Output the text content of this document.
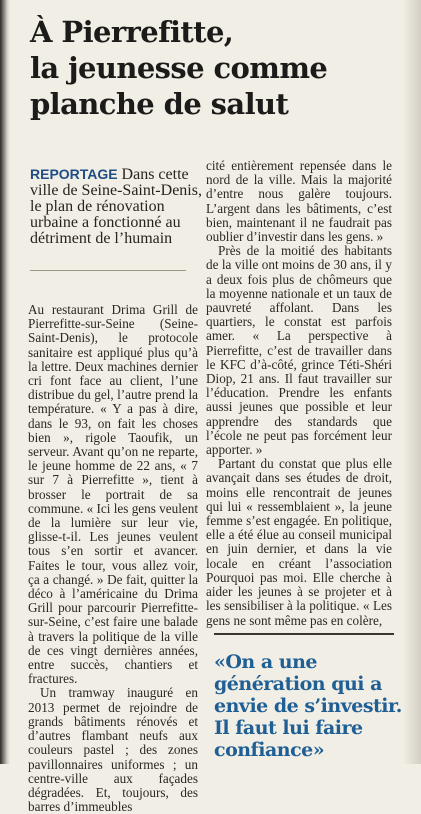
À Pierrefitte,
la jeunesse comme
planche de salut

REPORTAGE Dans cette ville de Seine-Saint-Denis, le plan de rénovation urbaine a fonctionné au détriment de l’humain

Au restaurant Drima Grill de Pierrefitte-sur-Seine (Seine-Saint-Denis), le protocole sanitaire est appliqué plus qu’à la lettre. Deux machines dernier cri font face au client, l’une distribue du gel, l’autre prend la température. « Y a pas à dire, dans le 93, on fait les choses bien », rigole Taoufik, un serveur. Avant qu’on ne reparte, le jeune homme de 22 ans, « 7 sur 7 à Pierrefitte », tient à brosser le portrait de sa commune. « Ici les gens veulent de la lumière sur leur vie, glisse-t-il. Les jeunes veulent tous s’en sortir et avancer. Faites le tour, vous allez voir, ça a changé. » De fait, quitter la déco à l’américaine du Drima Grill pour parcourir Pierrefitte-sur-Seine, c’est faire une balade à travers la politique de la ville de ces vingt dernières années, entre succès, chantiers et fractures.

Un tramway inauguré en 2013 permet de rejoindre de grands bâtiments rénovés et d’autres flambant neufs aux couleurs pastel ; des zones pavillonnaires uniformes ; un centre-ville aux façades dégradées. Et, toujours, des barres d’immeubles

cité entièrement repensée dans le nord de la ville. Mais la majorité d’entre nous galère toujours. L’argent dans les bâtiments, c’est bien, maintenant il ne faudrait pas oublier d’investir dans les gens. »

Près de la moitié des habitants de la ville ont moins de 30 ans, il y a deux fois plus de chômeurs que la moyenne nationale et un taux de pauvreté affolant. Dans les quartiers, le constat est parfois amer. « La perspective à Pierrefitte, c’est de travailler dans le KFC d’à-côté, grince Téti-Shéri Diop, 21 ans. Il faut travailler sur l’éducation. Prendre les enfants aussi jeunes que possible et leur apprendre des standards que l’école ne peut pas forcément leur apporter. »

Partant du constat que plus elle avançait dans ses études de droit, moins elle rencontrait de jeunes qui lui « ressemblaient », la jeune femme s’est engagée. En politique, elle a été élue au conseil municipal en juin dernier, et dans la vie locale en créant l’association Pourquoi pas moi. Elle cherche à aider les jeunes à se projeter et à les sensibiliser à la politique. « Les gens ne sont même pas en colère,

«On a une génération qui a envie de s’investir. Il faut lui faire confiance»
